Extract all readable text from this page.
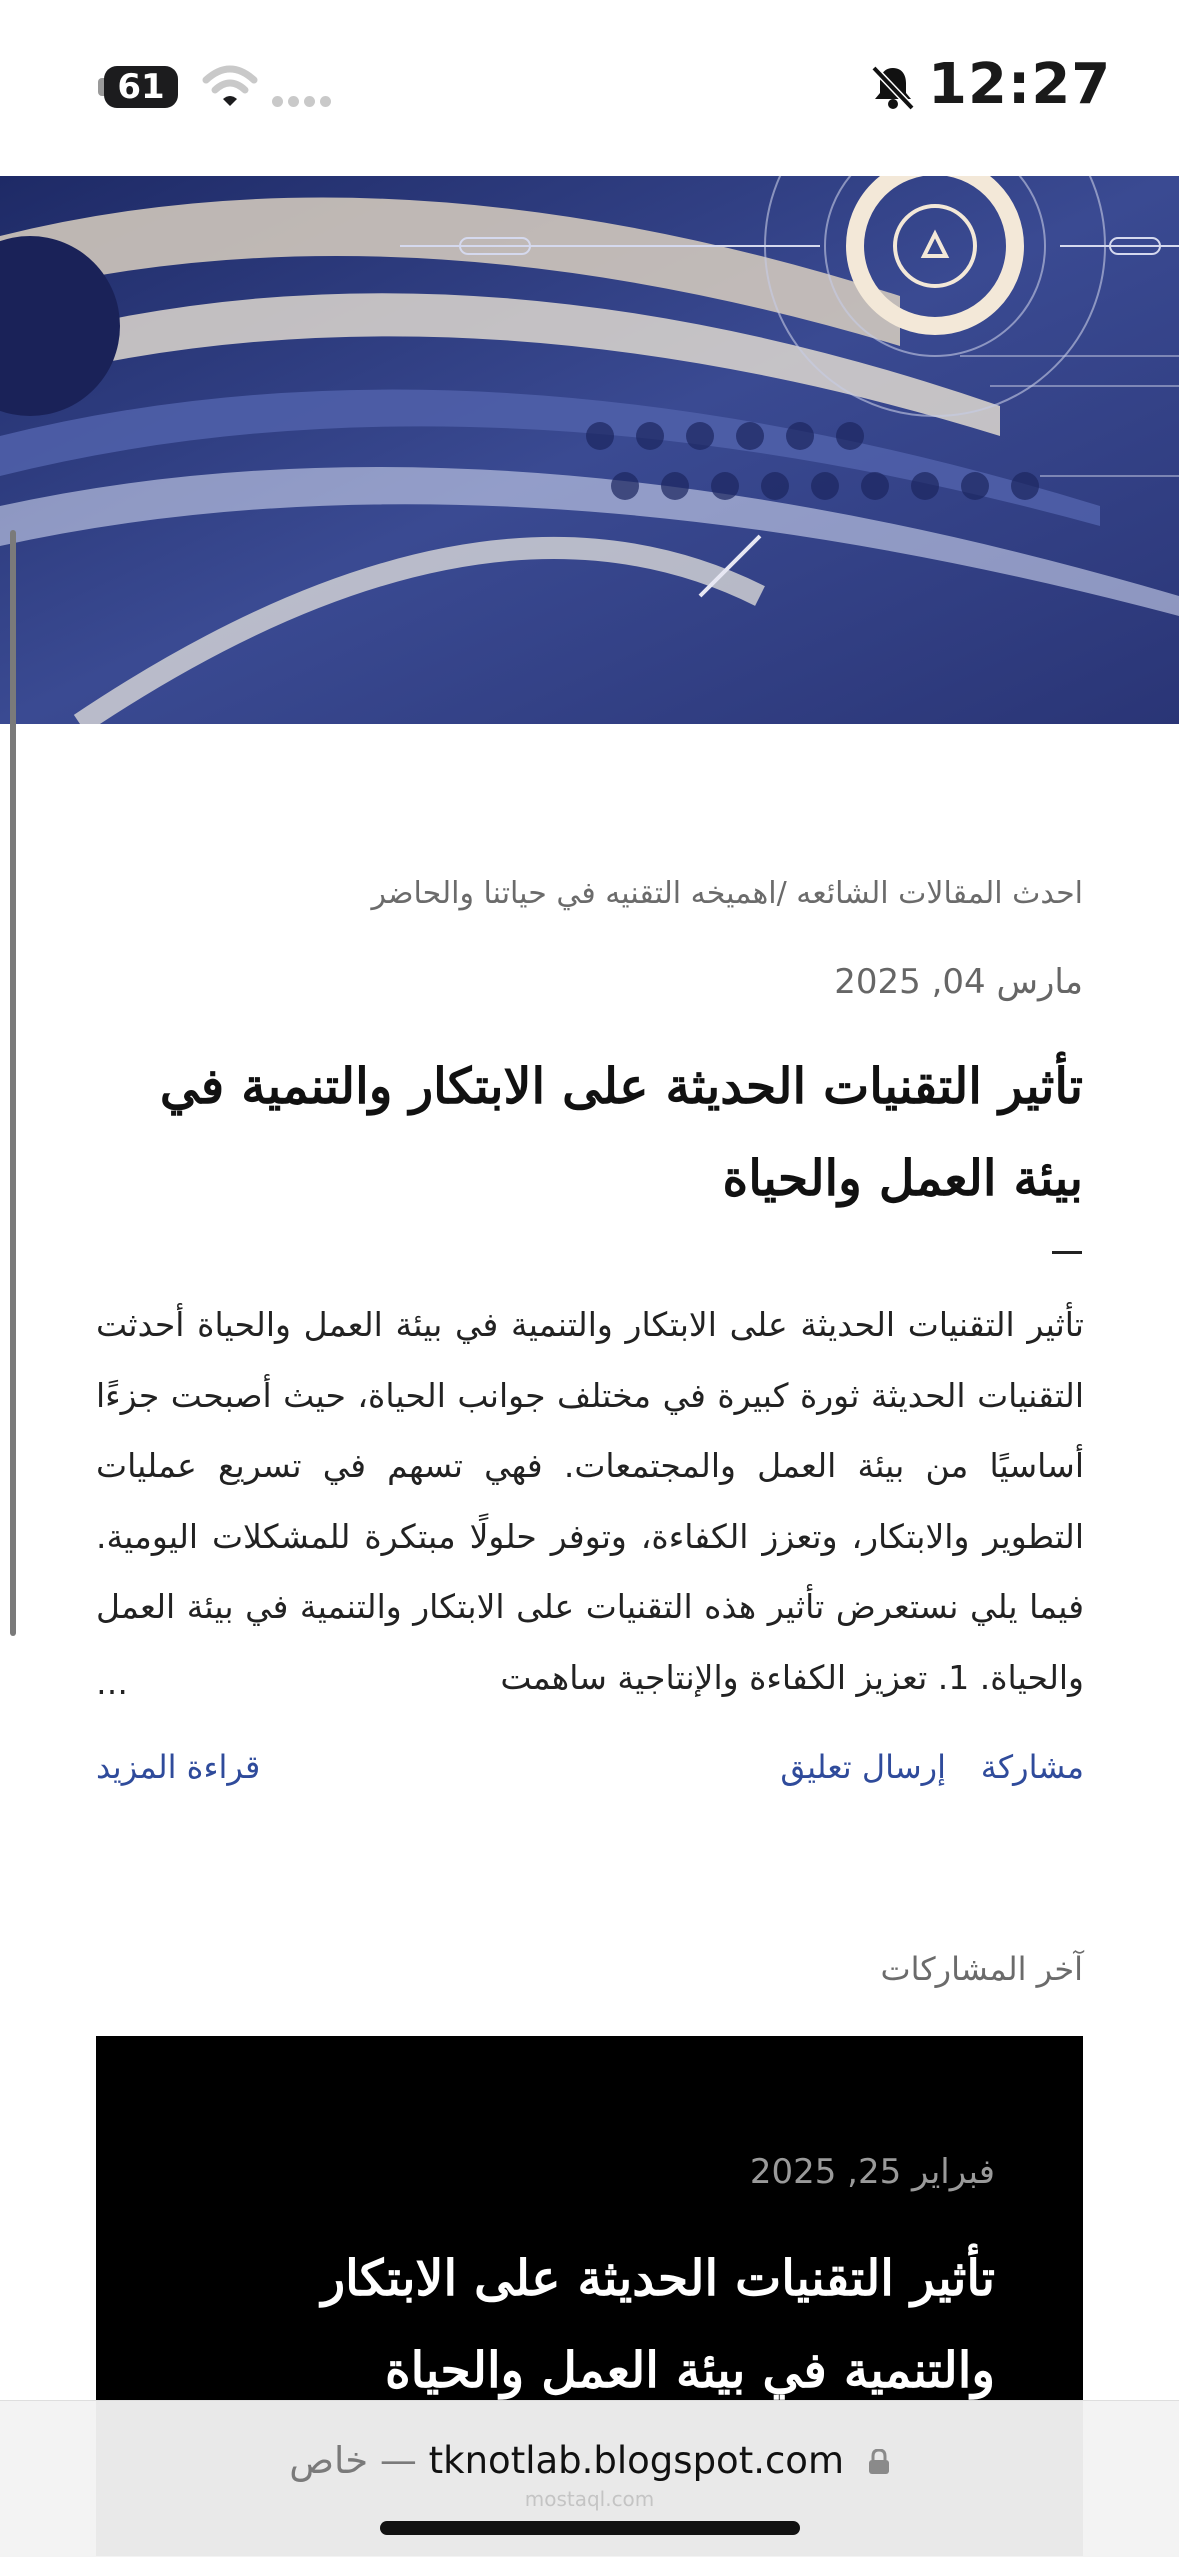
61	12:27
احدث المقالات الشائعه /اهميخه التقنيه في حياتنا والحاضر
مارس 04, 2025
تأثير التقنيات الحديثة على الابتكار والتنمية في بيئة العمل والحياة
تأثير التقنيات الحديثة على الابتكار والتنمية في بيئة العمل والحياة أحدثت التقنيات الحديثة ثورة كبيرة في مختلف جوانب الحياة، حيث أصبحت جزءًا أساسيًا من بيئة العمل والمجتمعات. فهي تسهم في تسريع عمليات التطوير والابتكار، وتعزز الكفاءة، وتوفر حلولًا مبتكرة للمشكلات اليومية. فيما يلي نستعرض تأثير هذه التقنيات على الابتكار والتنمية في بيئة العمل والحياة. 1. تعزيز الكفاءة والإنتاجية ساهمت
…
مشاركة
إرسال تعليق
قراءة المزيد
آخر المشاركات
فبراير 25, 2025
تأثير التقنيات الحديثة على الابتكار والتنمية في بيئة العمل والحياة
خاص — tknotlab.blogspot.com
mostaql.com
